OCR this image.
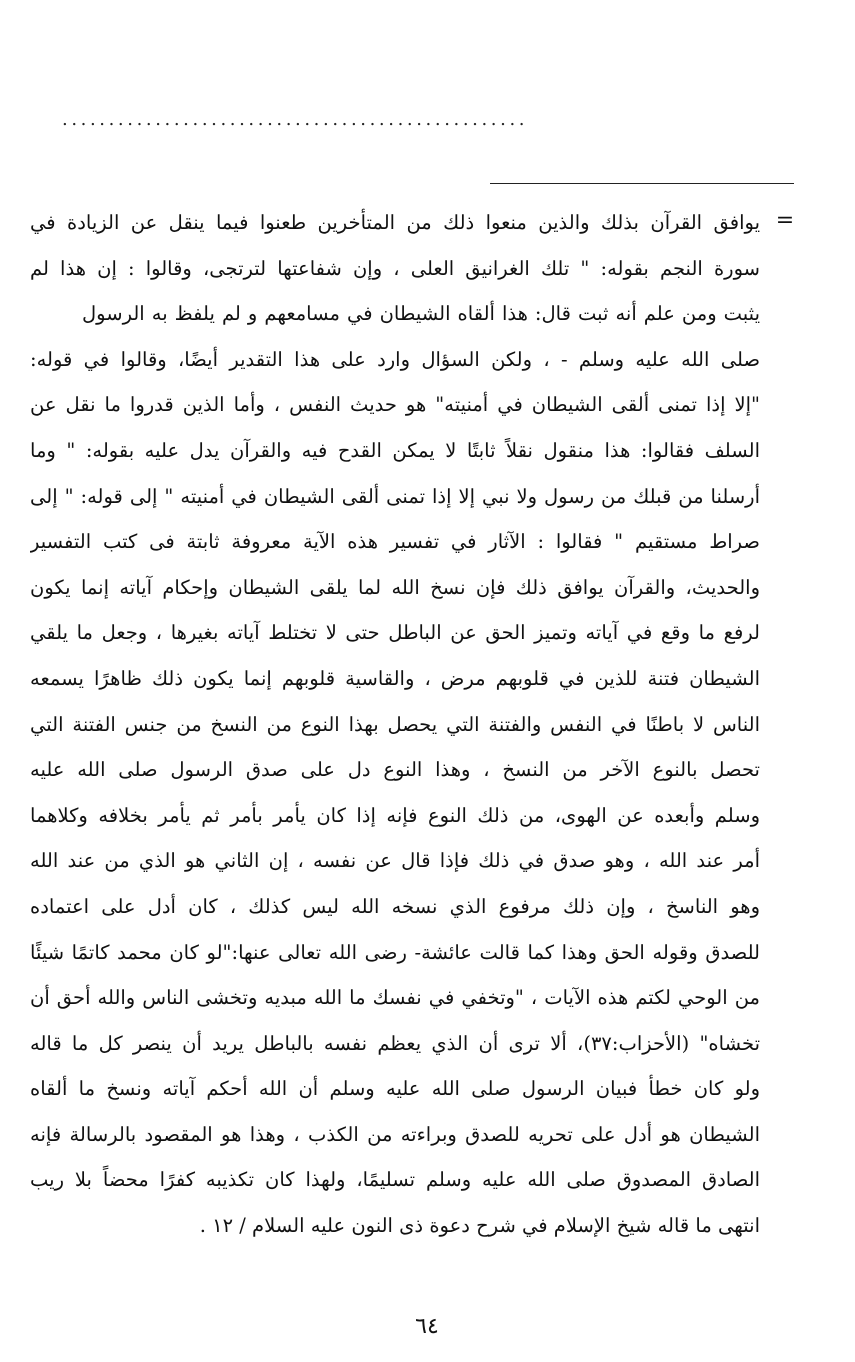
..................................................
=
يوافق القرآن بذلك والذين منعوا ذلك من المتأخرين طعنوا فيما ينقل عن الزيادة في
سورة النجم بقوله: " تلك الغرانيق العلى ، وإن شفاعتها لترتجى، وقالوا : إن هذا لم
يثبت ومن علم أنه ثبت قال: هذا ألقاه الشيطان في مسامعهم و لم يلفظ به الرسول
صلى الله عليه وسلم - ، ولكن السؤال وارد على هذا التقدير أيضًا، وقالوا في قوله:
"إلا إذا تمنى ألقى الشيطان في أمنيته" هو حديث النفس ، وأما الذين قدروا ما نقل عن
السلف فقالوا: هذا منقول نقلاً ثابتًا لا يمكن القدح فيه والقرآن يدل عليه بقوله: " وما
أرسلنا من قبلك من رسول ولا نبي إلا إذا تمنى ألقى الشيطان في أمنيته " إلى قوله: " إلى
صراط مستقيم " فقالوا : الآثار في تفسير هذه الآية معروفة ثابتة فى كتب التفسير
والحديث، والقرآن يوافق ذلك فإن نسخ الله لما يلقى الشيطان وإحكام آياته إنما يكون
لرفع ما وقع في آياته وتميز الحق عن الباطل حتى لا تختلط آياته بغيرها ، وجعل ما يلقي
الشيطان فتنة للذين في قلوبهم مرض ، والقاسية قلوبهم إنما يكون ذلك ظاهرًا يسمعه
الناس لا باطنًا في النفس والفتنة التي يحصل بهذا النوع من النسخ من جنس الفتنة التي
تحصل بالنوع الآخر من النسخ ، وهذا النوع دل على صدق الرسول صلى الله عليه
وسلم وأبعده عن الهوى، من ذلك النوع فإنه إذا كان يأمر بأمر ثم يأمر بخلافه وكلاهما
أمر عند الله ، وهو صدق في ذلك فإذا قال عن نفسه ، إن الثاني هو الذي من عند الله
وهو الناسخ ، وإن ذلك مرفوع الذي نسخه الله ليس كذلك ، كان أدل على اعتماده
للصدق وقوله الحق وهذا كما قالت عائشة- رضى الله تعالى عنها:"لو كان محمد كاتمًا شيئًا
من الوحي لكتم هذه الآيات ، "وتخفي في نفسك ما الله مبديه وتخشى الناس والله أحق أن
تخشاه" (الأحزاب:٣٧)، ألا ترى أن الذي يعظم نفسه بالباطل يريد أن ينصر كل ما قاله
ولو كان خطأ فبيان الرسول صلى الله عليه وسلم أن الله أحكم آياته ونسخ ما ألقاه
الشيطان هو أدل على تحريه للصدق وبراءته من الكذب ، وهذا هو المقصود بالرسالة فإنه
الصادق المصدوق صلى الله عليه وسلم تسليمًا، ولهذا كان تكذيبه كفرًا محضاً بلا ريب
انتهى ما قاله شيخ الإسلام في شرح دعوة ذى النون عليه السلام / ١٢ .
٦٤
